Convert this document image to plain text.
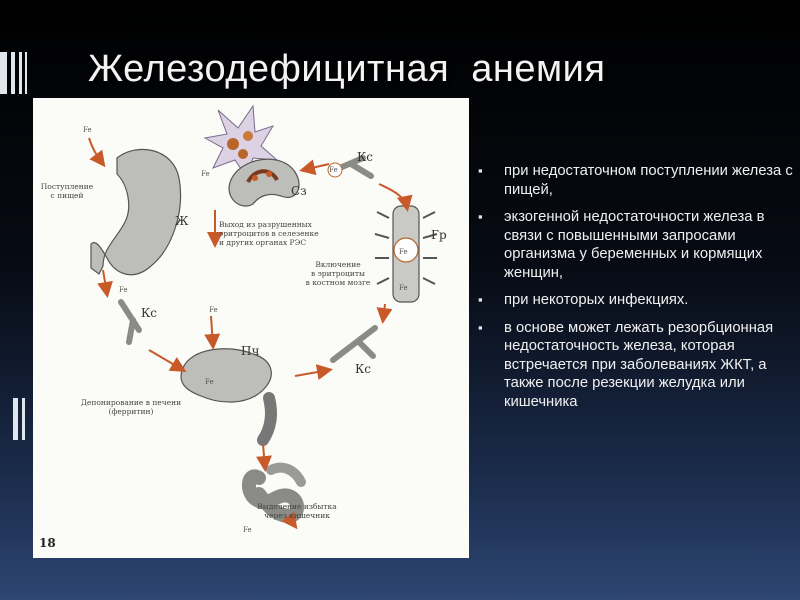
Железодефицитная  анемия
Fe
Поступление
с пищей
Ж
Fe
Сз
Кс
Fe
Выход из разрушенных
эритроцитов в селезенке
и других органах РЭС
Гр
Fe
Fe
Включение
в эритроциты
в костном мозге
Fe
Кс	Fe
Пч
Fe
Кс
Депонирование в печени
(ферритин)
Выделение избытка
через кишечник
Fe
18
▪ при недостаточном поступлении железа с пищей,
▪ экзогенной недостаточности железа в связи с повышенными запросами организма у беременных и кормящих женщин,
▪ при некоторых инфекциях.
▪ в основе может лежать резорбционная недостаточность железа, которая встречается при заболеваниях ЖКТ, а также после резекции желудка или кишечника
